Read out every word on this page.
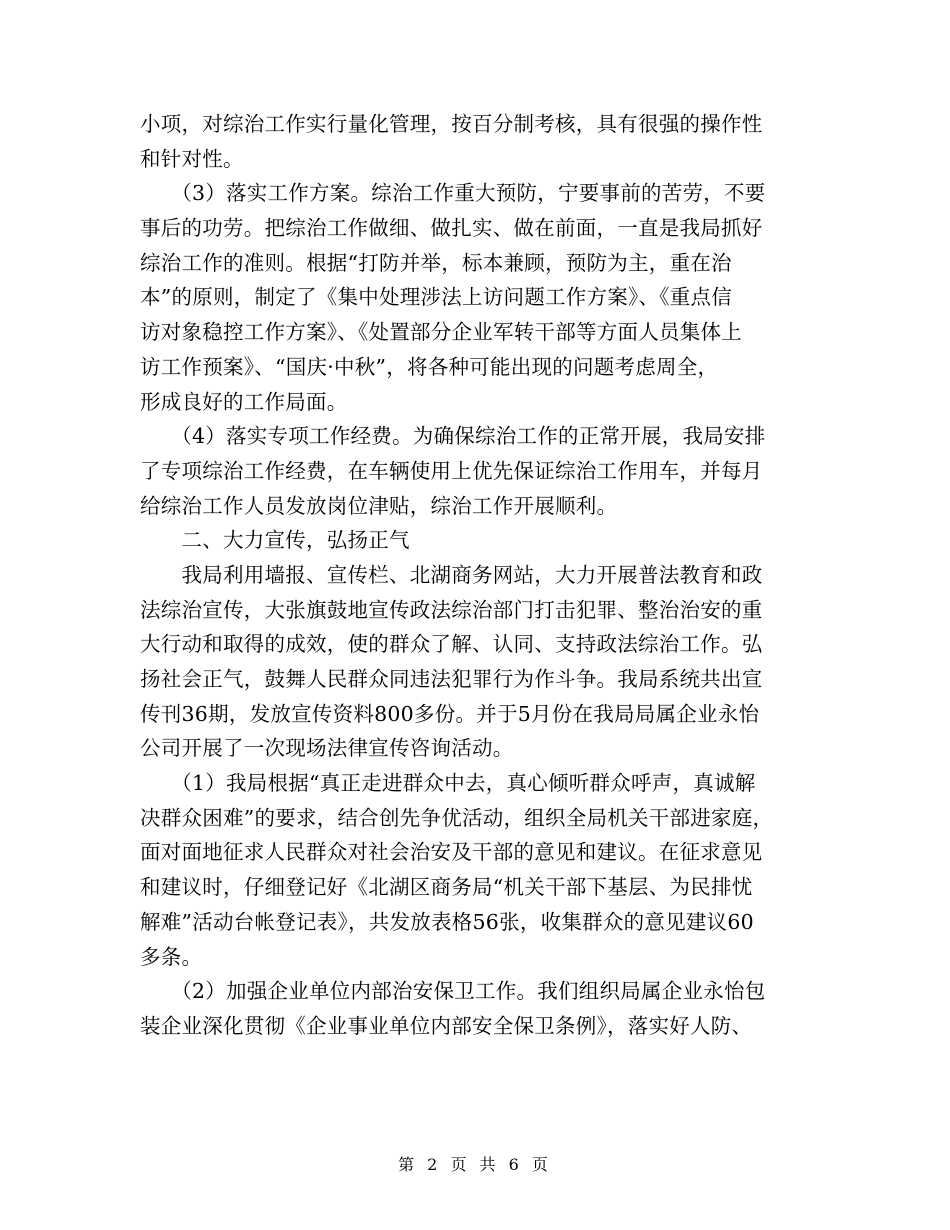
小项，对综治工作实行量化管理，按百分制考核，具有很强的操作性
和针对性。
　　（3）落实工作方案。综治工作重大预防，宁要事前的苦劳，不要
事后的功劳。把综治工作做细、做扎实、做在前面，一直是我局抓好
综治工作的准则。根据“打防并举，标本兼顾，预防为主，重在治
本”的原则，制定了《集中处理涉法上访问题工作方案》、《重点信
访对象稳控工作方案》、《处置部分企业军转干部等方面人员集体上
访工作预案》、“国庆·中秋”，将各种可能出现的问题考虑周全，
形成良好的工作局面。
　　（4）落实专项工作经费。为确保综治工作的正常开展，我局安排
了专项综治工作经费，在车辆使用上优先保证综治工作用车，并每月
给综治工作人员发放岗位津贴，综治工作开展顺利。
　　二、大力宣传，弘扬正气
　　我局利用墙报、宣传栏、北湖商务网站，大力开展普法教育和政
法综治宣传，大张旗鼓地宣传政法综治部门打击犯罪、整治治安的重
大行动和取得的成效，使的群众了解、认同、支持政法综治工作。弘
扬社会正气，鼓舞人民群众同违法犯罪行为作斗争。我局系统共出宣
传刊36期，发放宣传资料800多份。并于5月份在我局局属企业永怡
公司开展了一次现场法律宣传咨询活动。
　　（1）我局根据“真正走进群众中去，真心倾听群众呼声，真诚解
决群众困难”的要求，结合创先争优活动，组织全局机关干部进家庭，
面对面地征求人民群众对社会治安及干部的意见和建议。在征求意见
和建议时，仔细登记好《北湖区商务局“机关干部下基层、为民排忧
解难”活动台帐登记表》，共发放表格56张，收集群众的意见建议60
多条。
　　（2）加强企业单位内部治安保卫工作。我们组织局属企业永怡包
装企业深化贯彻《企业事业单位内部安全保卫条例》，落实好人防、
第 2 页 共 6 页
